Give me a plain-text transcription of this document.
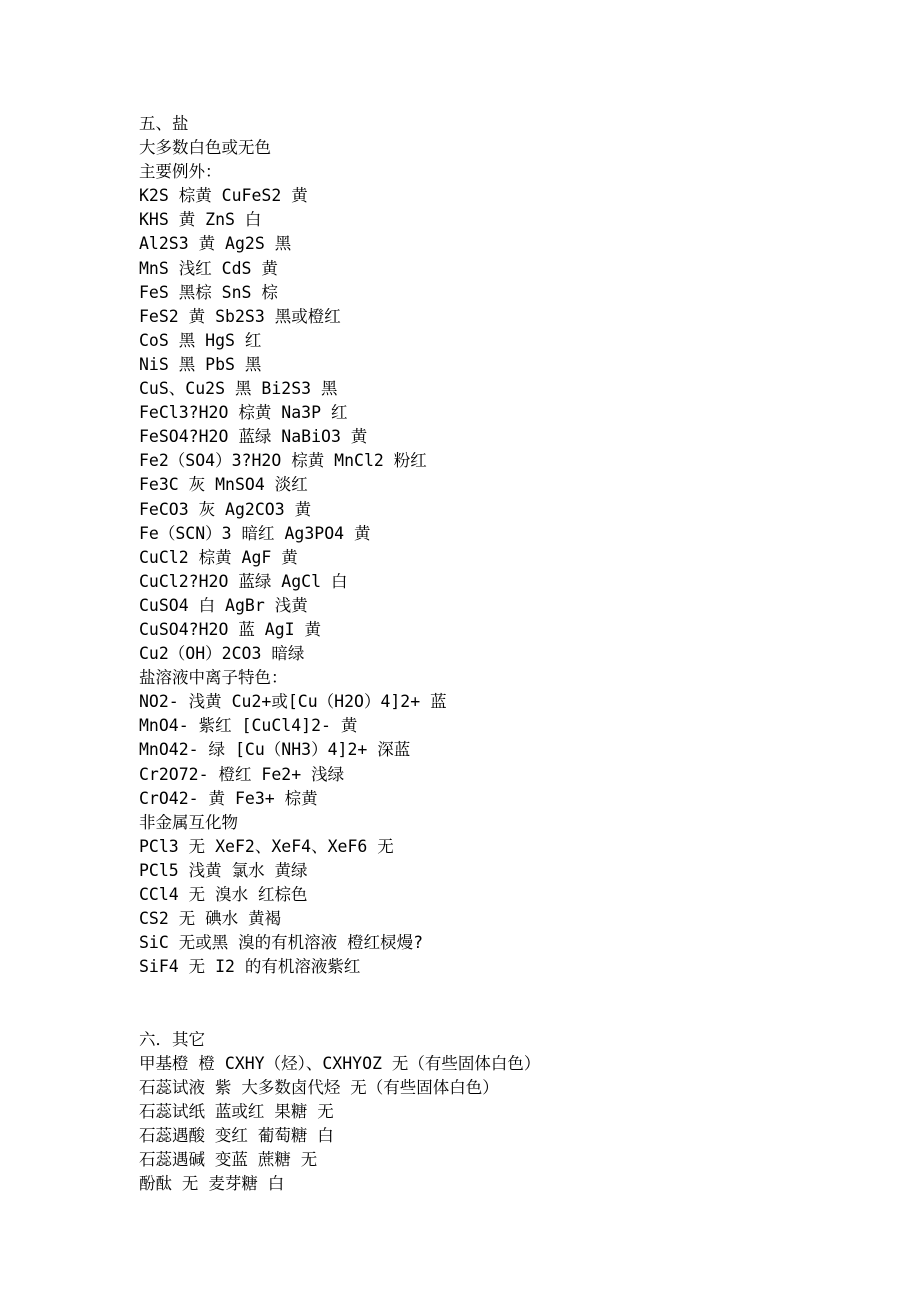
五、盐
大多数白色或无色
主要例外：
K2S 棕黄 CuFeS2 黄
KHS 黄 ZnS 白
Al2S3 黄 Ag2S 黑
MnS 浅红 CdS 黄
FeS 黑棕 SnS 棕
FeS2 黄 Sb2S3 黑或橙红
CoS 黑 HgS 红
NiS 黑 PbS 黑
CuS、Cu2S 黑 Bi2S3 黑
FeCl3?H2O 棕黄 Na3P 红
FeSO4?H2O 蓝绿 NaBiO3 黄
Fe2（SO4）3?H2O 棕黄 MnCl2 粉红
Fe3C 灰 MnSO4 淡红
FeCO3 灰 Ag2CO3 黄
Fe（SCN）3 暗红 Ag3PO4 黄
CuCl2 棕黄 AgF 黄
CuCl2?H2O 蓝绿 AgCl 白
CuSO4 白 AgBr 浅黄
CuSO4?H2O 蓝 AgI 黄
Cu2（OH）2CO3 暗绿
盐溶液中离子特色：
NO2- 浅黄 Cu2+或[Cu（H2O）4]2+ 蓝
MnO4- 紫红 [CuCl4]2- 黄
MnO42- 绿 [Cu（NH3）4]2+ 深蓝
Cr2O72- 橙红 Fe2+ 浅绿
CrO42- 黄 Fe3+ 棕黄
非金属互化物
PCl3 无 XeF2、XeF4、XeF6 无
PCl5 浅黄 氯水 黄绿
CCl4 无 溴水 红棕色
CS2 无 碘水 黄褐
SiC 无或黑 溴的有机溶液 橙红棂熳?
SiF4 无 I2 的有机溶液紫红
六．其它
甲基橙 橙 CXHY（烃）、CXHYOZ 无（有些固体白色）
石蕊试液 紫 大多数卤代烃 无（有些固体白色）
石蕊试纸 蓝或红 果糖 无
石蕊遇酸 变红 葡萄糖 白
石蕊遇碱 变蓝 蔗糖 无
酚酞 无 麦芽糖 白
